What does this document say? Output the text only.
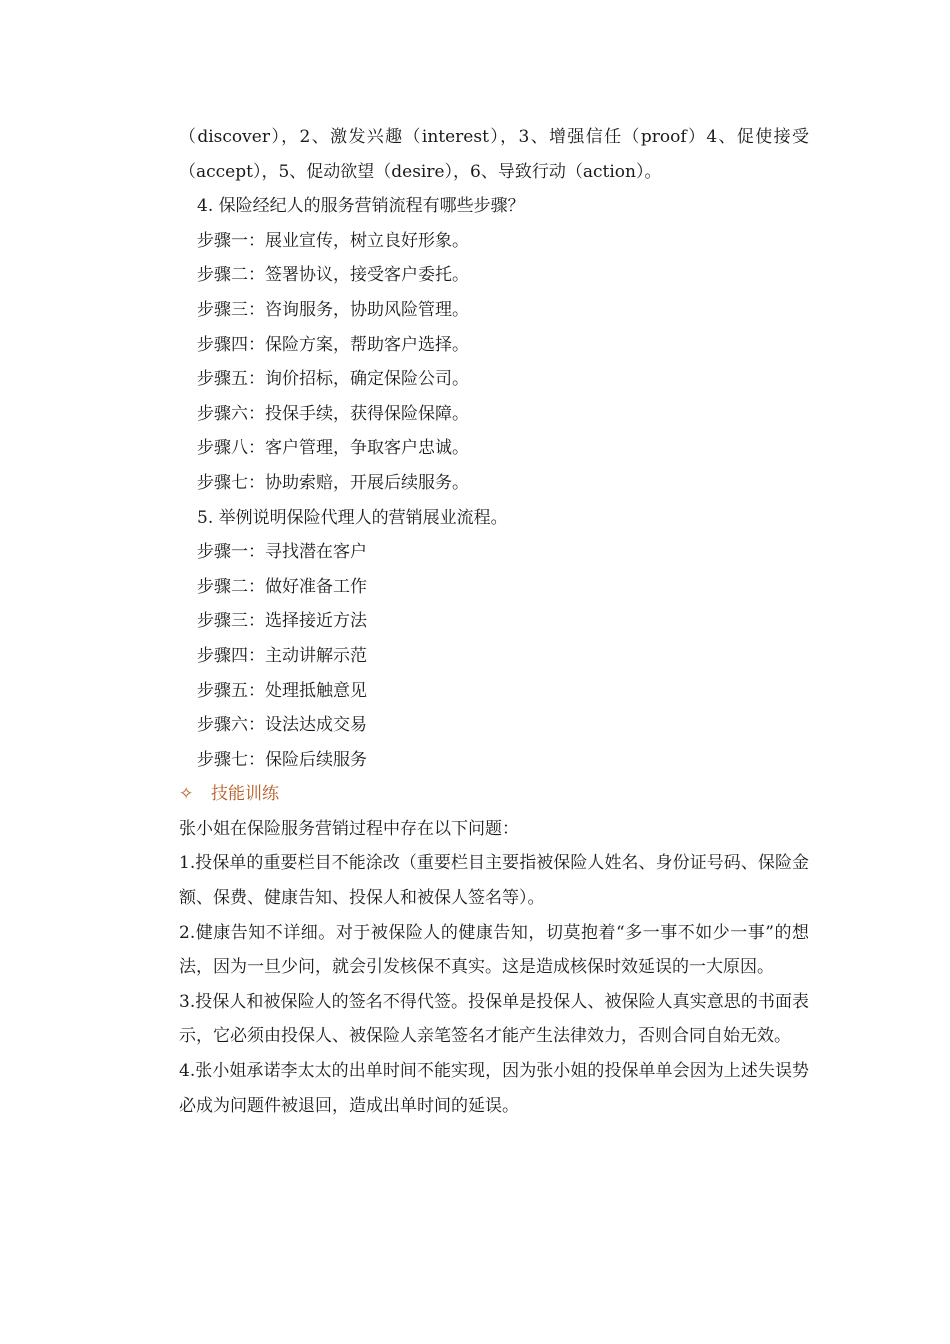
（discover），2、激发兴趣（interest），3、增强信任（proof）4、促使接受
（accept），5、促动欲望（desire），6、导致行动（action）。
4. 保险经纪人的服务营销流程有哪些步骤？
步骤一：展业宣传，树立良好形象。
步骤二：签署协议，接受客户委托。
步骤三：咨询服务，协助风险管理。
步骤四：保险方案，帮助客户选择。
步骤五：询价招标，确定保险公司。
步骤六：投保手续，获得保险保障。
步骤八：客户管理，争取客户忠诚。
步骤七：协助索赔，开展后续服务。
5. 举例说明保险代理人的营销展业流程。
步骤一：寻找潜在客户
步骤二：做好准备工作
步骤三：选择接近方法
步骤四：主动讲解示范
步骤五：处理抵触意见
步骤六：设法达成交易
步骤七：保险后续服务
✧ 技能训练
张小姐在保险服务营销过程中存在以下问题：
1.投保单的重要栏目不能涂改（重要栏目主要指被保险人姓名、身份证号码、保险金额、保费、健康告知、投保人和被保人签名等）。
2.健康告知不详细。对于被保险人的健康告知，切莫抱着“多一事不如少一事”的想法，因为一旦少问，就会引发核保不真实。这是造成核保时效延误的一大原因。
3.投保人和被保险人的签名不得代签。投保单是投保人、被保险人真实意思的书面表示，它必须由投保人、被保险人亲笔签名才能产生法律效力，否则合同自始无效。
4.张小姐承诺李太太的出单时间不能实现，因为张小姐的投保单单会因为上述失误势必成为问题件被退回，造成出单时间的延误。
